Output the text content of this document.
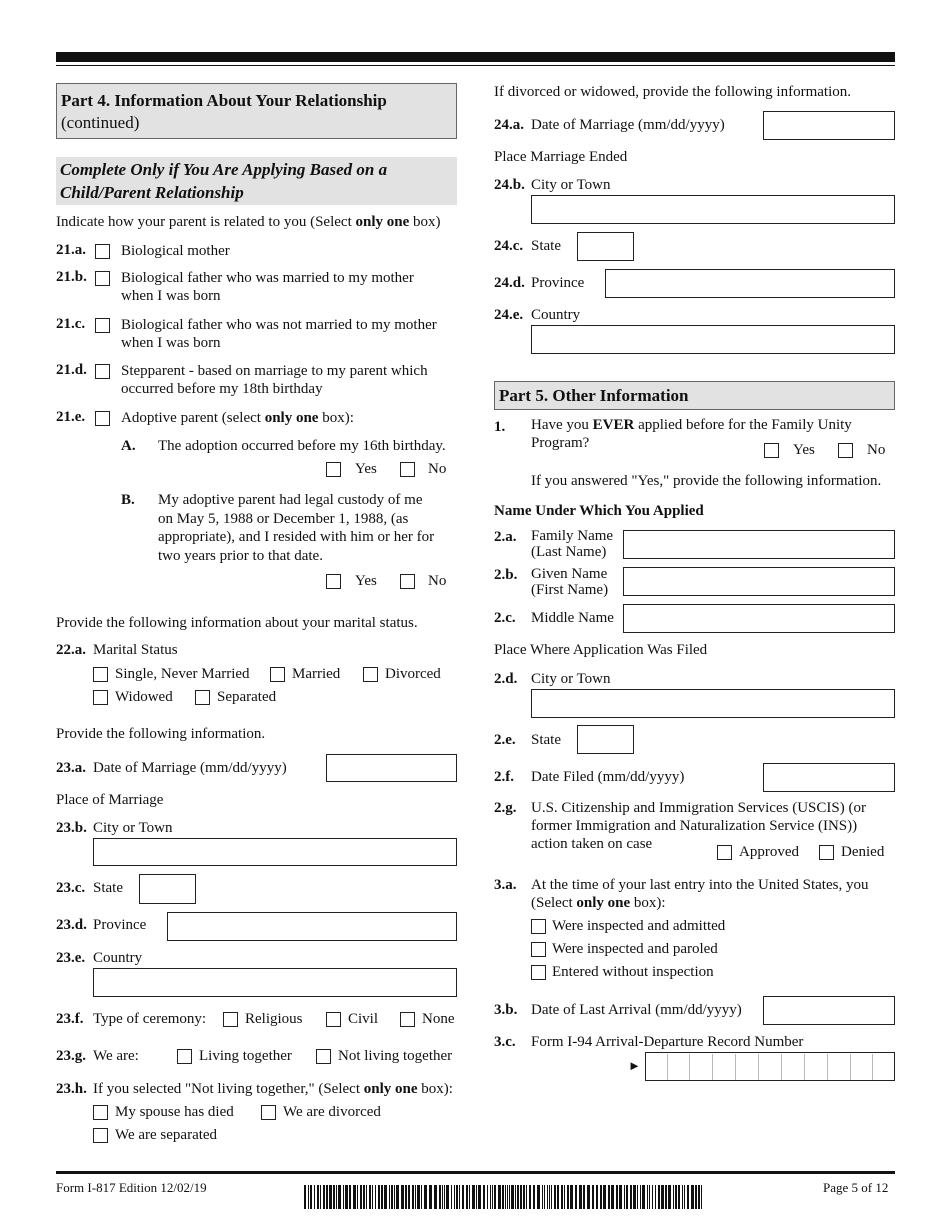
Part 4. Information About Your Relationship
(continued)
Complete Only if You Are Applying Based on a
Child/Parent Relationship
Indicate how your parent is related to you (Select only one box)
21.a. Biological mother
21.b. Biological father who was married to my mother
when I was born
21.c. Biological father who was not married to my mother
when I was born
21.d. Stepparent - based on marriage to my parent which
occurred before my 18th birthday
21.e. Adoptive parent (select only one box):
A. The adoption occurred before my 16th birthday.
Yes	No
B. My adoptive parent had legal custody of me
on May 5, 1988 or December 1, 1988, (as
appropriate), and I resided with him or her for
two years prior to that date.
Yes	No
Provide the following information about your marital status.
22.a. Marital Status
Single, Never Married	Married	Divorced
Widowed	Separated
Provide the following information.
23.a. Date of Marriage (mm/dd/yyyy)
Place of Marriage
23.b. City or Town
23.c. State
23.d. Province
23.e. Country
23.f. Type of ceremony:	Religious	Civil	None
23.g. We are:	Living together	Not living together
23.h. If you selected "Not living together," (Select only one box):
My spouse has died	We are divorced
We are separated
If divorced or widowed, provide the following information.
24.a. Date of Marriage (mm/dd/yyyy)
Place Marriage Ended
24.b. City or Town
24.c. State
24.d. Province
24.e. Country
Part 5. Other Information
1. Have you EVER applied before for the Family Unity
Program?	Yes	No
If you answered "Yes," provide the following information.
Name Under Which You Applied
2.a. Family Name
(Last Name)
2.b. Given Name
(First Name)
2.c. Middle Name
Place Where Application Was Filed
2.d. City or Town
2.e. State
2.f. Date Filed (mm/dd/yyyy)
2.g. U.S. Citizenship and Immigration Services (USCIS) (or
former Immigration and Naturalization Service (INS))
action taken on case	Approved	Denied
3.a. At the time of your last entry into the United States, you
(Select only one box):
Were inspected and admitted
Were inspected and paroled
Entered without inspection
3.b. Date of Last Arrival (mm/dd/yyyy)
3.c. Form I-94 Arrival-Departure Record Number
►
Form I-817 Edition 12/02/19	Page 5 of 12
